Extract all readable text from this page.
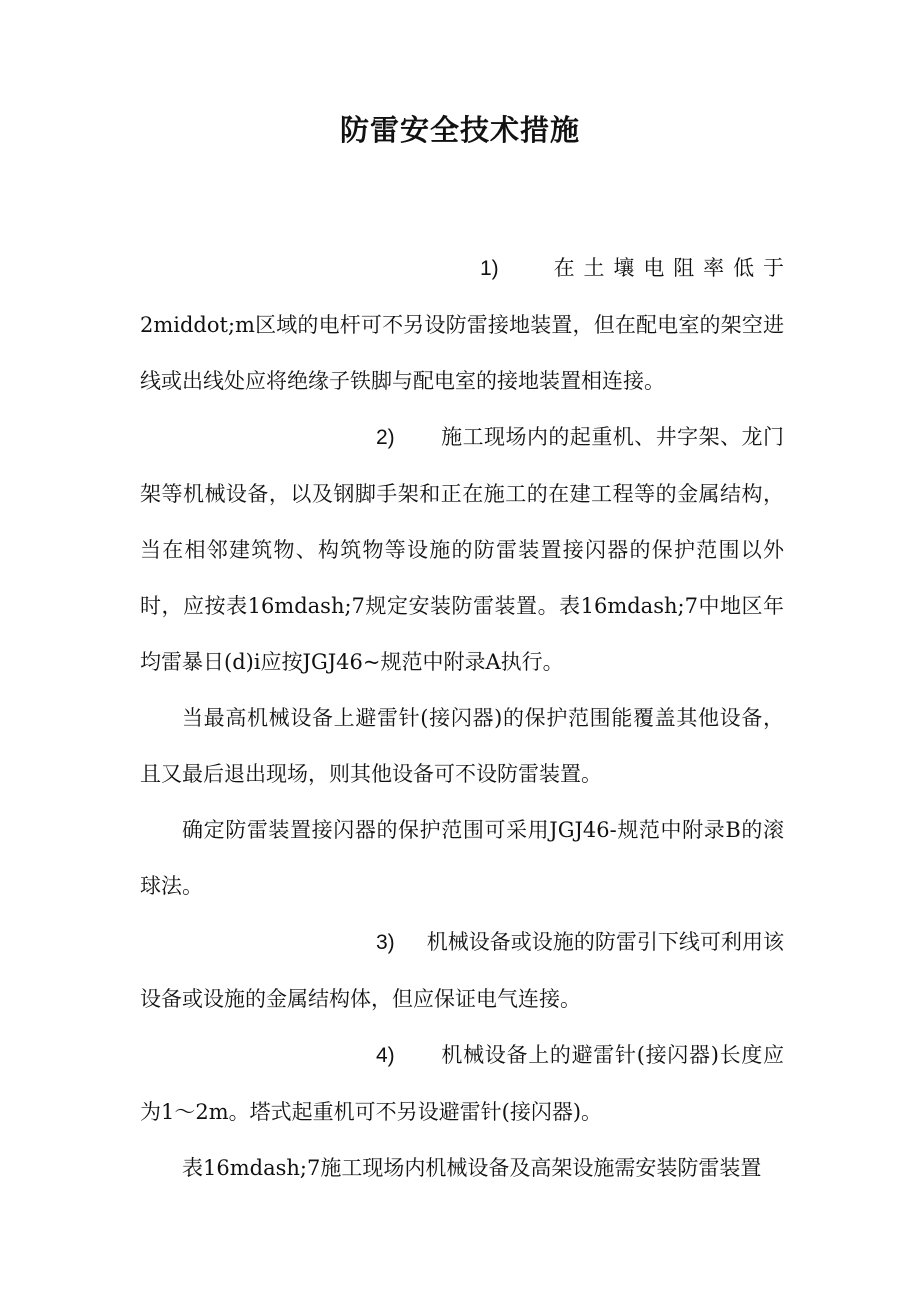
防雷安全技术措施

1) 在土壤电阻率低于2middot;m区域的电杆可不另设防雷接地装置，但在配电室的架空进线或出线处应将绝缘子铁脚与配电室的接地装置相连接。

2) 施工现场内的起重机、井字架、龙门架等机械设备，以及钢脚手架和正在施工的在建工程等的金属结构，当在相邻建筑物、构筑物等设施的防雷装置接闪器的保护范围以外时，应按表16mdash;7规定安装防雷装置。表16mdash;7中地区年均雷暴日(d)i应按JGJ46~规范中附录A执行。

当最高机械设备上避雷针(接闪器)的保护范围能覆盖其他设备，且又最后退出现场，则其他设备可不设防雷装置。

确定防雷装置接闪器的保护范围可采用JGJ46-规范中附录B的滚球法。

3) 机械设备或设施的防雷引下线可利用该设备或设施的金属结构体，但应保证电气连接。

4) 机械设备上的避雷针(接闪器)长度应为1～2m。塔式起重机可不另设避雷针(接闪器)。

表16mdash;7施工现场内机械设备及高架设施需安装防雷装置
